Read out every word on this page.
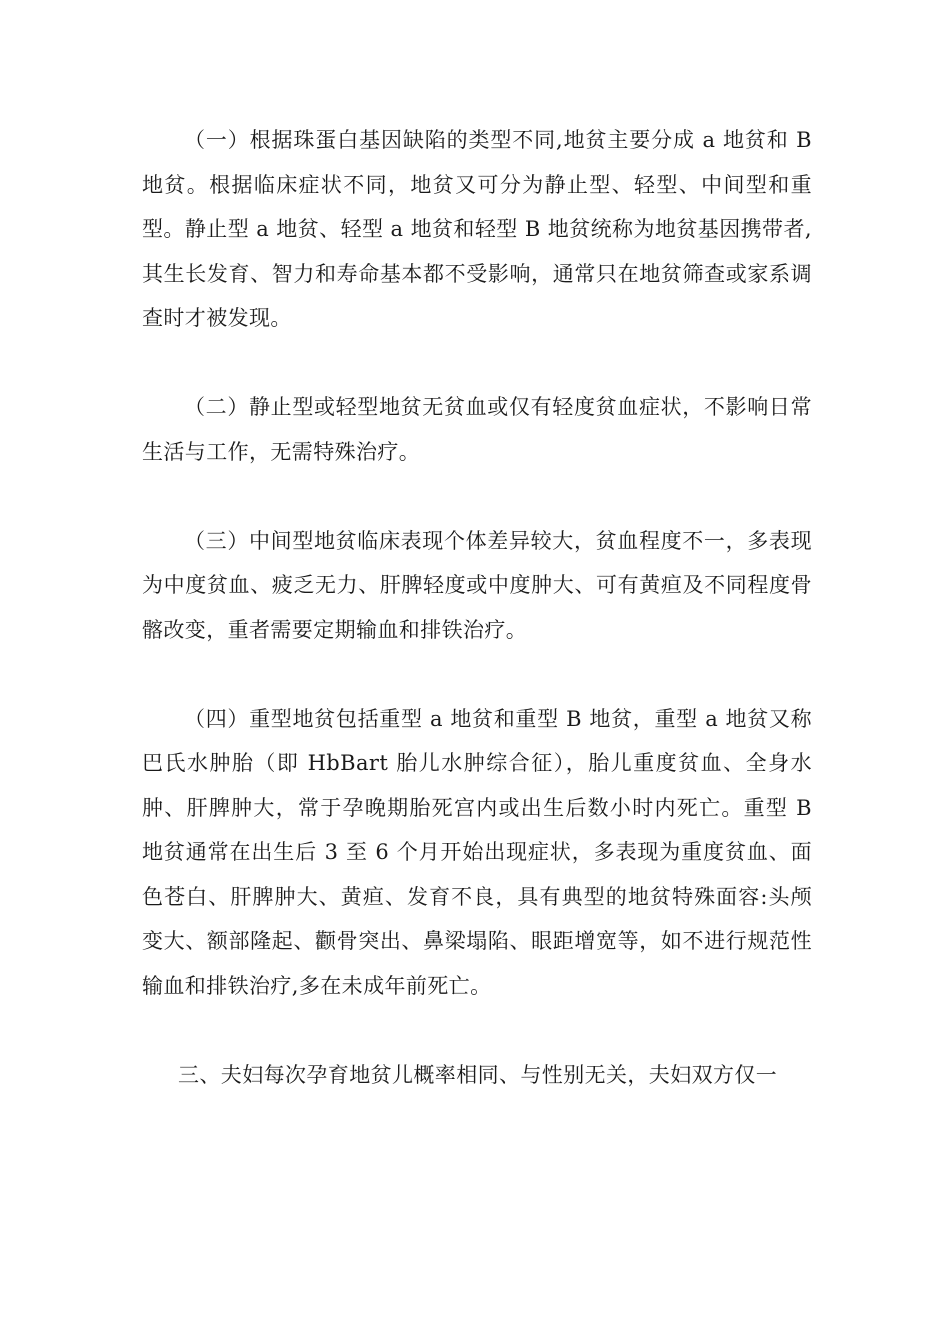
（一）根据珠蛋白基因缺陷的类型不同,地贫主要分成 a 地贫和 B 地贫。根据临床症状不同，地贫又可分为静止型、轻型、中间型和重型。静止型 a 地贫、轻型 a 地贫和轻型 B 地贫统称为地贫基因携带者,其生长发育、智力和寿命基本都不受影响，通常只在地贫筛查或家系调查时才被发现。

（二）静止型或轻型地贫无贫血或仅有轻度贫血症状，不影响日常生活与工作，无需特殊治疗。

（三）中间型地贫临床表现个体差异较大，贫血程度不一，多表现为中度贫血、疲乏无力、肝脾轻度或中度肿大、可有黄疸及不同程度骨髂改变，重者需要定期输血和排铁治疗。

（四）重型地贫包括重型 a 地贫和重型 B 地贫，重型 a 地贫又称巴氏水肿胎（即 HbBart 胎儿水肿综合征），胎儿重度贫血、全身水肿、肝脾肿大，常于孕晚期胎死宫内或出生后数小时内死亡。重型 B 地贫通常在出生后 3 至 6 个月开始出现症状，多表现为重度贫血、面色苍白、肝脾肿大、黄疸、发育不良，具有典型的地贫特殊面容:头颅变大、额部隆起、颧骨突出、鼻梁塌陷、眼距增宽等，如不进行规范性输血和排铁治疗,多在未成年前死亡。

三、夫妇每次孕育地贫儿概率相同、与性别无关，夫妇双方仅一
